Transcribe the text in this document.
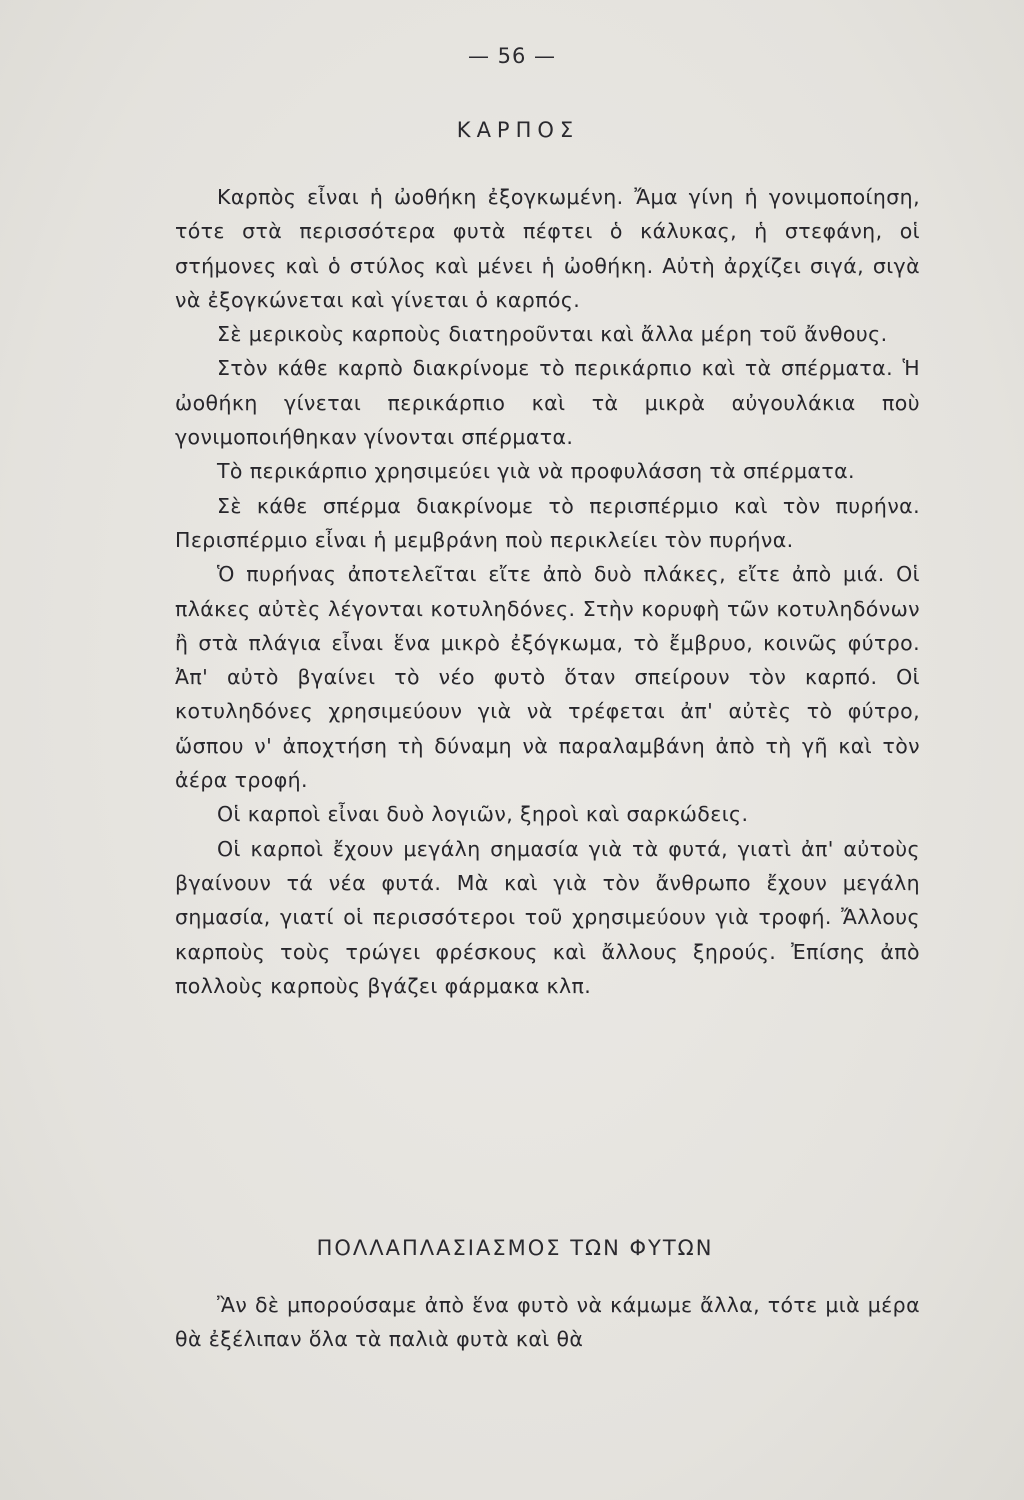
— 56 —
ΚΑΡΠΟΣ

Καρπὸς εἶναι ἡ ὠοθήκη ἐξογκωμένη. Ἄμα γίνη ἡ γονιμοποίηση, τότε στὰ περισσότερα φυτὰ πέφτει ὁ κάλυκας, ἡ στεφάνη, οἱ στήμονες καὶ ὁ στύλος καὶ μένει ἡ ὠοθήκη. Αὐτὴ ἀρχίζει σιγά, σιγὰ νὰ ἐξογκώνεται καὶ γίνεται ὁ καρπός.

Σὲ μερικοὺς καρποὺς διατηροῦνται καὶ ἄλλα μέρη τοῦ ἄνθους.

Στὸν κάθε καρπὸ διακρίνομε τὸ περικάρπιο καὶ τὰ σπέρματα. Ἡ ὠοθήκη γίνεται περικάρπιο καὶ τὰ μικρὰ αὐγουλάκια ποὺ γονιμοποιήθηκαν γίνονται σπέρματα.

Τὸ περικάρπιο χρησιμεύει γιὰ νὰ προφυλάσση τὰ σπέρματα.

Σὲ κάθε σπέρμα διακρίνομε τὸ περισπέρμιο καὶ τὸν πυρήνα. Περισπέρμιο εἶναι ἡ μεμβράνη ποὺ περικλείει τὸν πυρήνα.

Ὁ πυρήνας ἀποτελεῖται εἴτε ἀπὸ δυὸ πλάκες, εἴτε ἀπὸ μιά. Οἱ πλάκες αὐτὲς λέγονται κοτυληδόνες. Στὴν κορυφὴ τῶν κοτυληδόνων ἢ στὰ πλάγια εἶναι ἕνα μικρὸ ἐξόγκωμα, τὸ ἔμβρυο, κοινῶς φύτρο. Ἀπ' αὐτὸ βγαίνει τὸ νέο φυτὸ ὅταν σπείρουν τὸν καρπό. Οἱ κοτυληδόνες χρησιμεύουν γιὰ νὰ τρέφεται ἀπ' αὐτὲς τὸ φύτρο, ὥσπου ν' ἀποχτήση τὴ δύναμη νὰ παραλαμβάνη ἀπὸ τὴ γῆ καὶ τὸν ἀέρα τροφή.

Οἱ καρποὶ εἶναι δυὸ λογιῶν, ξηροὶ καὶ σαρκώδεις.

Οἱ καρποὶ ἔχουν μεγάλη σημασία γιὰ τὰ φυτά, γιατὶ ἀπ' αὐτοὺς βγαίνουν τά νέα φυτά. Μὰ καὶ γιὰ τὸν ἄνθρωπο ἔχουν μεγάλη σημασία, γιατί οἱ περισσότεροι τοῦ χρησιμεύουν γιὰ τροφή. Ἄλλους καρποὺς τοὺς τρώγει φρέσκους καὶ ἄλλους ξηρούς. Ἐπίσης ἀπὸ πολλοὺς καρποὺς βγάζει φάρμακα κλπ.

ΠΟΛΛΑΠΛΑΣΙΑΣΜΟΣ ΤΩΝ ΦΥΤΩΝ

Ἂν δὲ μπορούσαμε ἀπὸ ἕνα φυτὸ νὰ κάμωμε ἄλλα, τότε μιὰ μέρα θὰ ἐξέλιπαν ὅλα τὰ παλιὰ φυτὰ καὶ θὰ
